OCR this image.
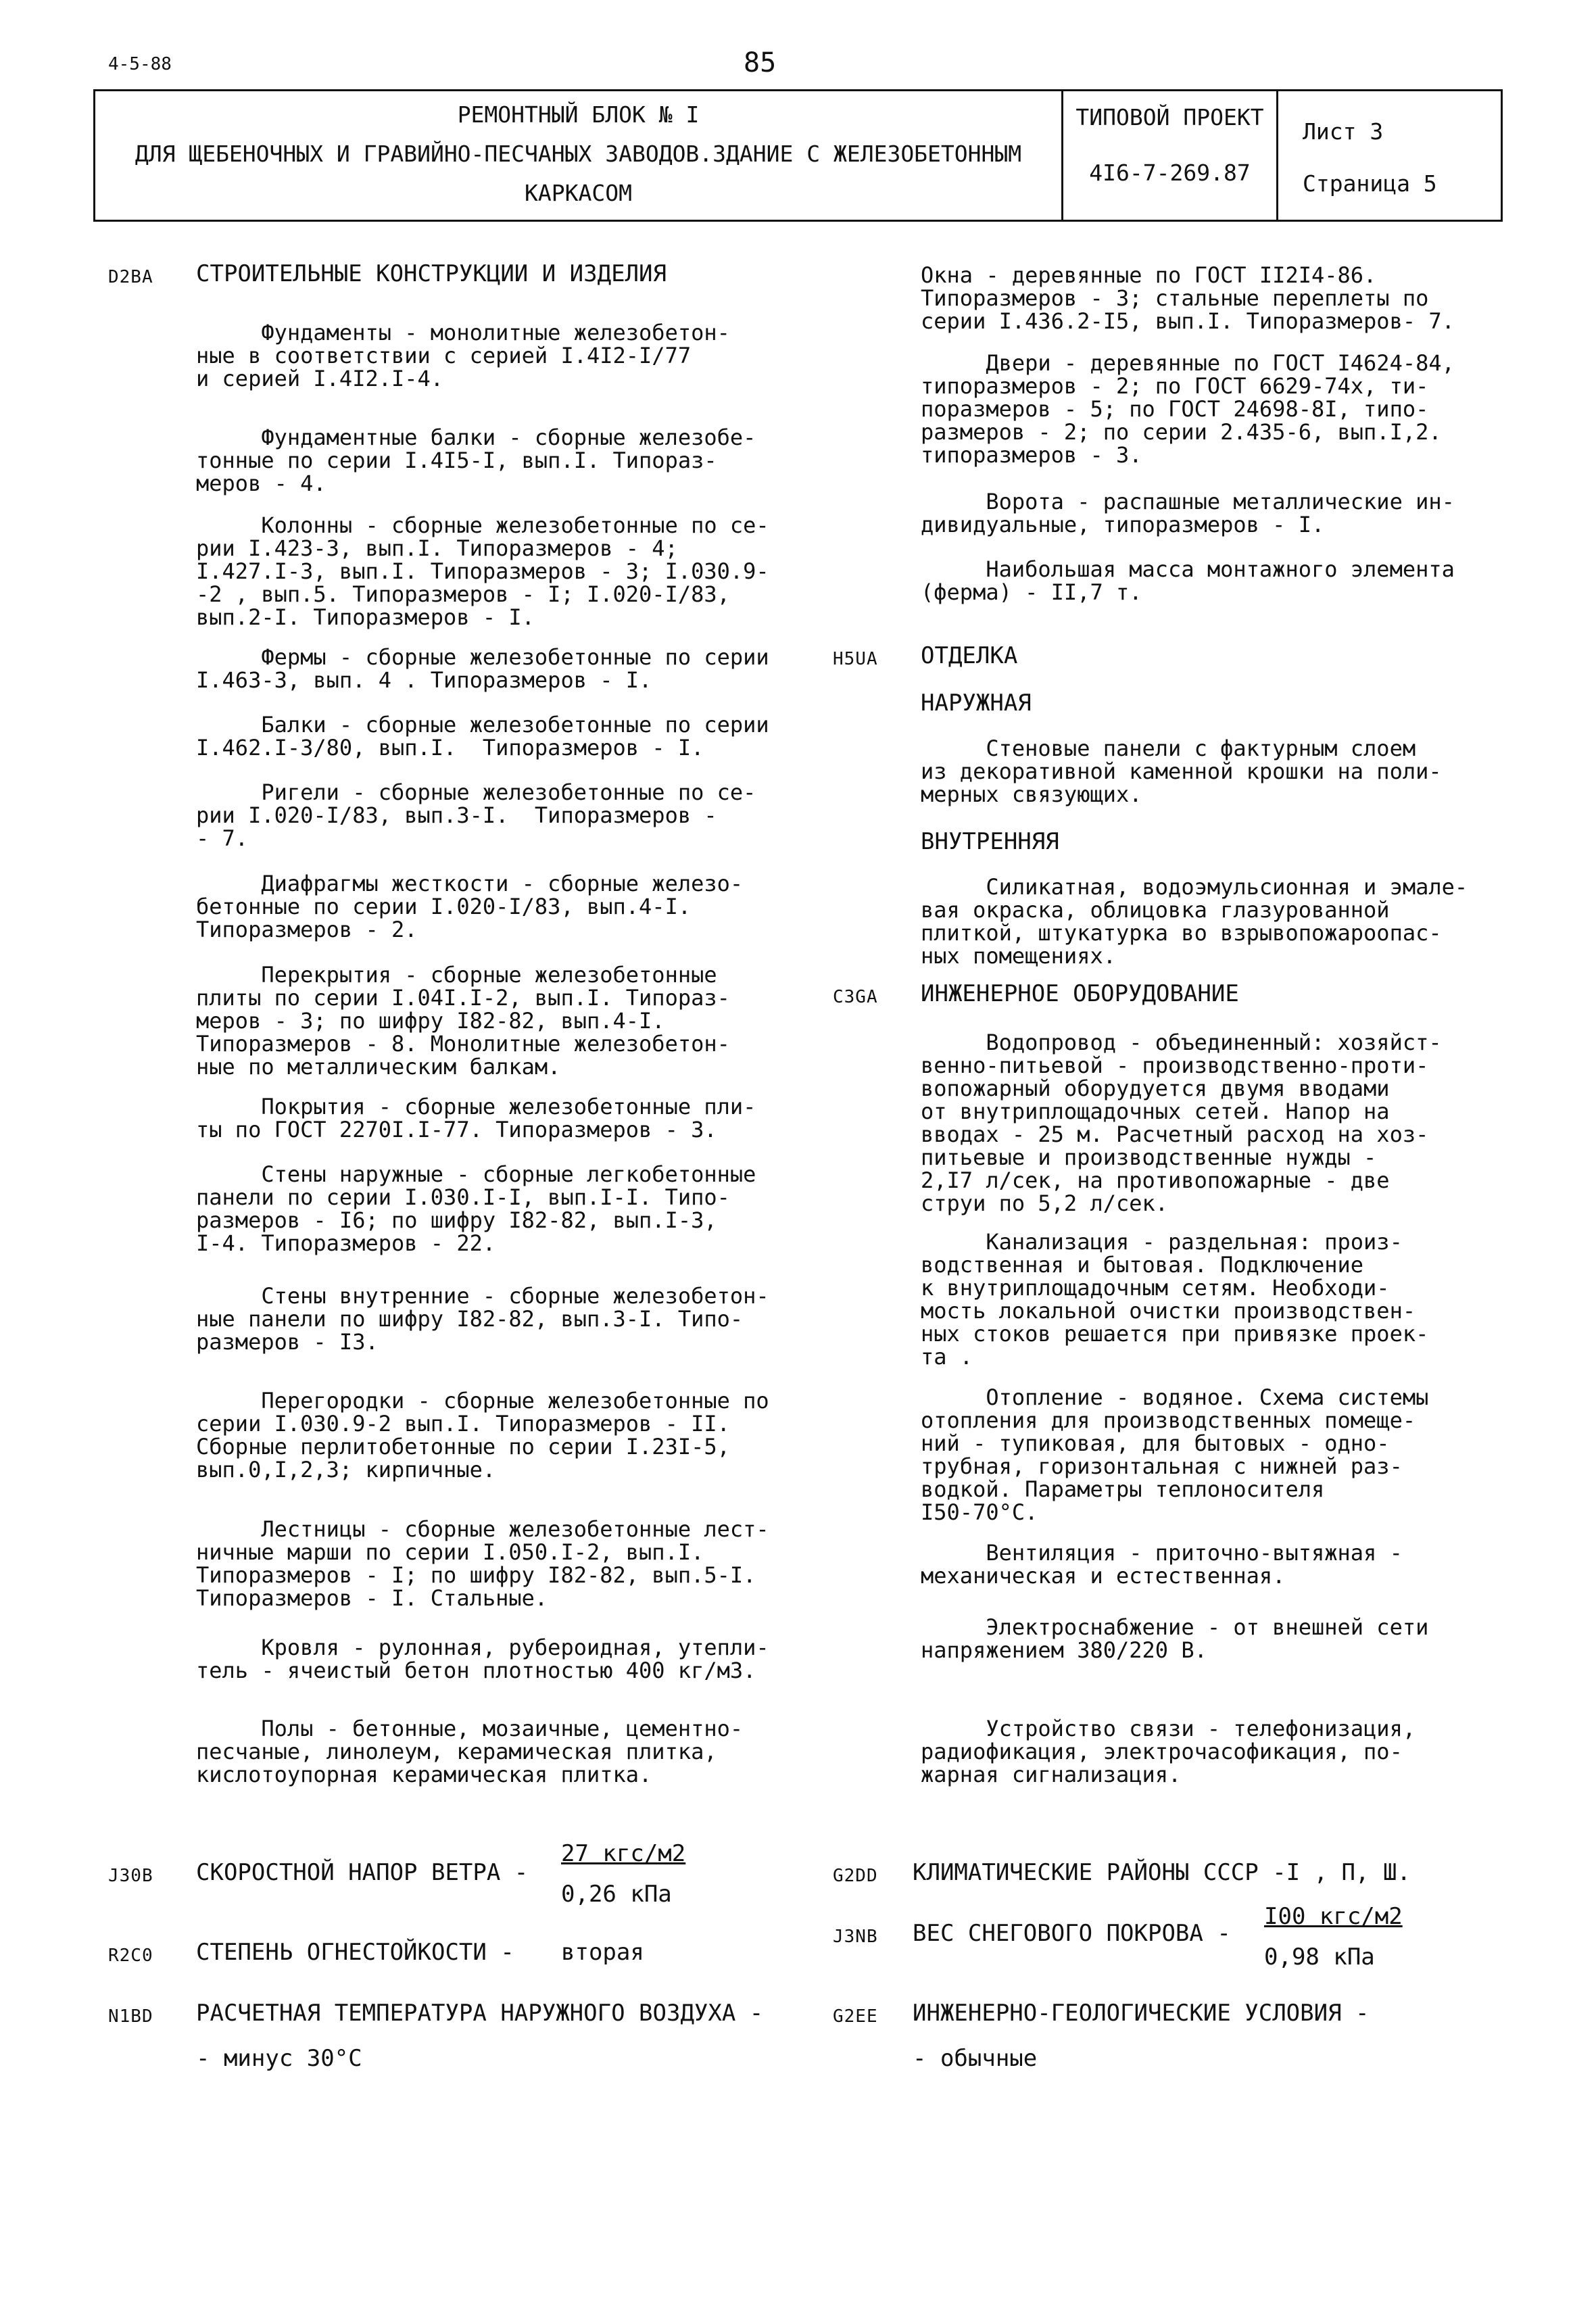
4-5-88	85
РЕМОНТНЫЙ БЛОК № I
ДЛЯ ЩЕБЕНОЧНЫХ И ГРАВИЙНО-ПЕСЧАНЫХ ЗАВОДОВ.ЗДАНИЕ С ЖЕЛЕЗОБЕТОННЫМ
КАРКАСОМ
ТИПОВОЙ ПРОЕКТ
4I6-7-269.87
Лист 3
Страница 5
D2BA СТРОИТЕЛЬНЫЕ КОНСТРУКЦИИ И ИЗДЕЛИЯ
Фундаменты - монолитные железобетон-
ные в соответствии с серией I.4I2-I/77
и серией I.4I2.I-4.
Фундаментные балки - сборные железобе-
тонные по серии I.4I5-I, вып.I. Типораз-
меров - 4.
Колонны - сборные железобетонные по се-
рии I.423-3, вып.I. Типоразмеров - 4;
I.427.I-3, вып.I. Типоразмеров - 3; I.030.9-
-2 , вып.5. Типоразмеров - I; I.020-I/83,
вып.2-I. Типоразмеров - I.
Фермы - сборные железобетонные по серии
I.463-3, вып. 4 . Типоразмеров - I.
Балки - сборные железобетонные по серии
I.462.I-3/80, вып.I.  Типоразмеров - I.
Ригели - сборные железобетонные по се-
рии I.020-I/83, вып.3-I.  Типоразмеров -
- 7.
Диафрагмы жесткости - сборные железо-
бетонные по серии I.020-I/83, вып.4-I.
Типоразмеров - 2.
Перекрытия - сборные железобетонные
плиты по серии I.04I.I-2, вып.I. Типораз-
меров - 3; по шифру I82-82, вып.4-I.
Типоразмеров - 8. Монолитные железобетон-
ные по металлическим балкам.
Покрытия - сборные железобетонные пли-
ты по ГОСТ 2270I.I-77. Типоразмеров - 3.
Стены наружные - сборные легкобетонные
панели по серии I.030.I-I, вып.I-I. Типо-
размеров - I6; по шифру I82-82, вып.I-3,
I-4. Типоразмеров - 22.
Стены внутренние - сборные железобетон-
ные панели по шифру I82-82, вып.3-I. Типо-
размеров - I3.
Перегородки - сборные железобетонные по
серии I.030.9-2 вып.I. Типоразмеров - II.
Сборные перлитобетонные по серии I.23I-5,
вып.0,I,2,3; кирпичные.
Лестницы - сборные железобетонные лест-
ничные марши по серии I.050.I-2, вып.I.
Типоразмеров - I; по шифру I82-82, вып.5-I.
Типоразмеров - I. Стальные.
Кровля - рулонная, рубероидная, утепли-
тель - ячеистый бетон плотностью 400 кг/м3.
Полы - бетонные, мозаичные, цементно-
песчаные, линолеум, керамическая плитка,
кислотоупорная керамическая плитка.
Окна - деревянные по ГОСТ II2I4-86.
Типоразмеров - 3; стальные переплеты по
серии I.436.2-I5, вып.I. Типоразмеров- 7.
Двери - деревянные по ГОСТ I4624-84,
типоразмеров - 2; по ГОСТ 6629-74x, ти-
поразмеров - 5; по ГОСТ 24698-8I, типо-
размеров - 2; по серии 2.435-6, вып.I,2.
типоразмеров - 3.
Ворота - распашные металлические ин-
дивидуальные, типоразмеров - I.
Наибольшая масса монтажного элемента
(ферма) - II,7 т.
H5UA ОТДЕЛКА
НАРУЖНАЯ
Стеновые панели с фактурным слоем
из декоративной каменной крошки на поли-
мерных связующих.
ВНУТРЕННЯЯ
Силикатная, водоэмульсионная и эмале-
вая окраска, облицовка глазурованной
плиткой, штукатурка во взрывопожароопас-
ных помещениях.
C3GA ИНЖЕНЕРНОЕ ОБОРУДОВАНИЕ
Водопровод - объединенный: хозяйст-
венно-питьевой - производственно-проти-
вопожарный оборудуется двумя вводами
от внутриплощадочных сетей. Напор на
вводах - 25 м. Расчетный расход на хоз-
питьевые и производственные нужды -
2,I7 л/сек, на противопожарные - две
струи по 5,2 л/сек.
Канализация - раздельная: произ-
водственная и бытовая. Подключение
к внутриплощадочным сетям. Необходи-
мость локальной очистки производствен-
ных стоков решается при привязке проек-
та .
Отопление - водяное. Схема системы
отопления для производственных помеще-
ний - тупиковая, для бытовых - одно-
трубная, горизонтальная с нижней раз-
водкой. Параметры теплоносителя
I50-70°C.
Вентиляция - приточно-вытяжная -
механическая и естественная.
Электроснабжение - от внешней сети
напряжением 380/220 В.
Устройство связи - телефонизация,
радиофикация, электрочасофикация, по-
жарная сигнализация.
J30B СКОРОСТНОЙ НАПОР ВЕТРА -
27 кгс/м2
0,26 кПа
R2C0 СТЕПЕНЬ ОГНЕСТОЙКОСТИ - вторая
N1BD РАСЧЕТНАЯ ТЕМПЕРАТУРА НАРУЖНОГО ВОЗДУХА -
- минус 30°C
G2DD КЛИМАТИЧЕСКИЕ РАЙОНЫ СССР -I , П, Ш.
J3NB ВЕС СНЕГОВОГО ПОКРОВА -
I00 кгс/м2
0,98 кПа
G2EE ИНЖЕНЕРНО-ГЕОЛОГИЧЕСКИЕ УСЛОВИЯ -
- обычные
